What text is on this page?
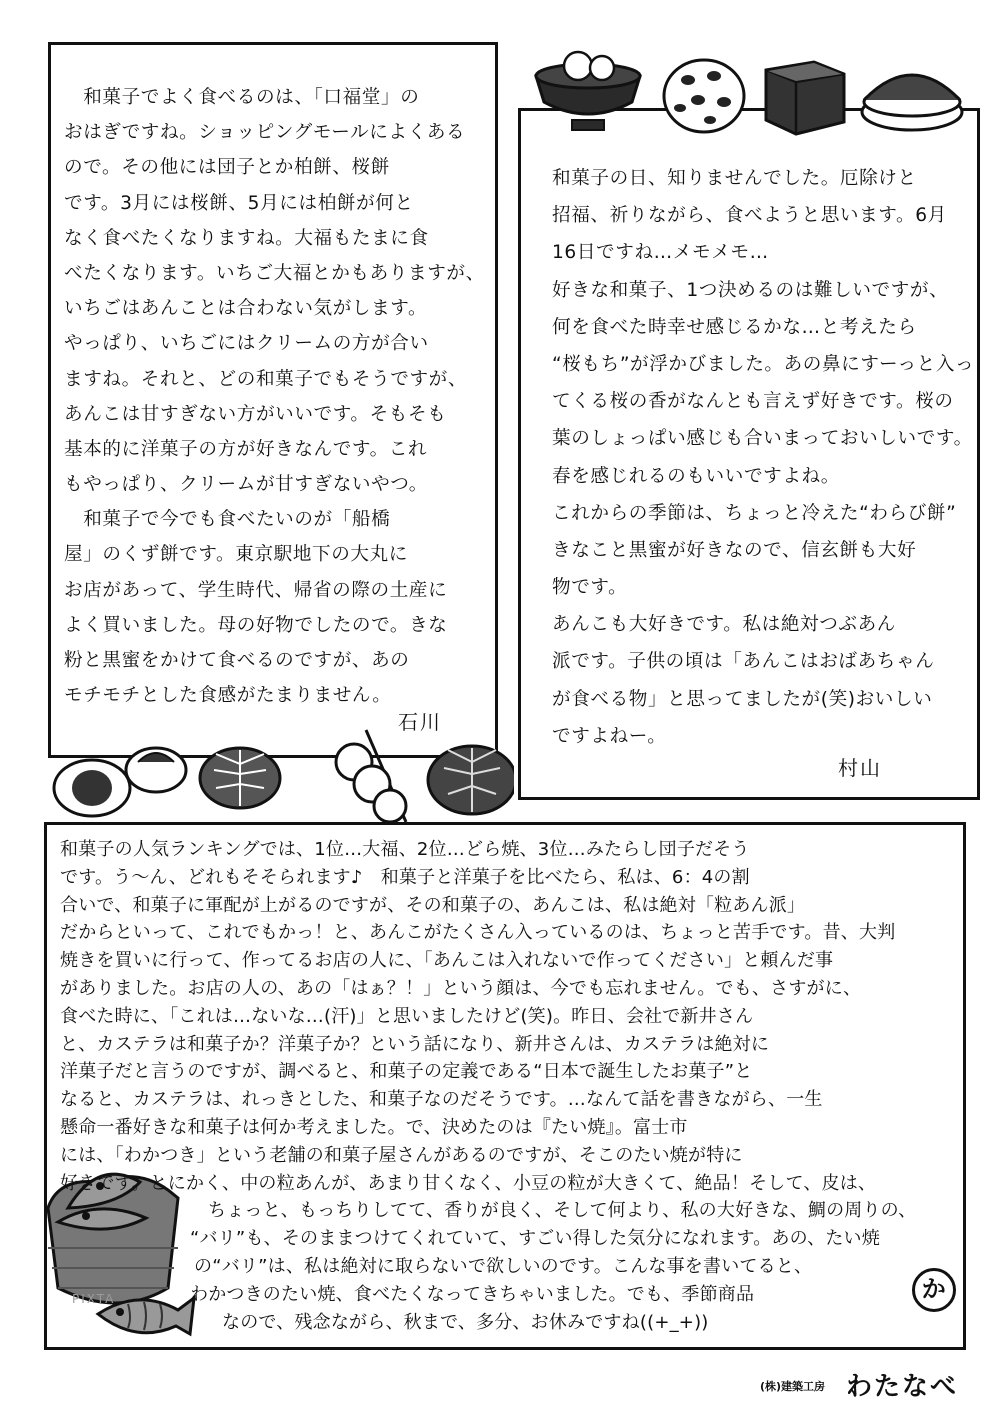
PIXTA
　和菓子でよく食べるのは、「口福堂」の
おはぎですね。ショッピングモールによくある
ので。その他には団子とか柏餅、桜餅
です。3月には桜餅、5月には柏餅が何と
なく食べたくなりますね。大福もたまに食
べたくなります。いちご大福とかもありますが、
いちごはあんことは合わない気がします。
やっぱり、いちごにはクリームの方が合い
ますね。それと、どの和菓子でもそうですが、
あんこは甘すぎない方がいいです。そもそも
基本的に洋菓子の方が好きなんです。これ
もやっぱり、クリームが甘すぎないやつ。
　和菓子で今でも食べたいのが「船橋
屋」のくず餅です。東京駅地下の大丸に
お店があって、学生時代、帰省の際の土産に
よく買いました。母の好物でしたので。きな
粉と黒蜜をかけて食べるのですが、あの
モチモチとした食感がたまりません。
石川
和菓子の日、知りませんでした。厄除けと
招福、祈りながら、食べようと思います。6月
16日ですね…メモメモ…
好きな和菓子、1つ決めるのは難しいですが、
何を食べた時幸せ感じるかな…と考えたら
“桜もち”が浮かびました。あの鼻にすーっと入っ
てくる桜の香がなんとも言えず好きです。桜の
葉のしょっぱい感じも合いまっておいしいです。
春を感じれるのもいいですよね。
これからの季節は、ちょっと冷えた“わらび餅”
きなこと黒蜜が好きなので、信玄餅も大好
物です。
あんこも大好きです。私は絶対つぶあん
派です。子供の頃は「あんこはおばあちゃん
が食べる物」と思ってましたが(笑)おいしい
ですよねー。
村山
和菓子の人気ランキングでは、1位…大福、2位…どら焼、3位…みたらし団子だそう
です。う～ん、どれもそそられます♪　和菓子と洋菓子を比べたら、私は、6：4の割
合いで、和菓子に軍配が上がるのですが、その和菓子の、あんこは、私は絶対「粒あん派」
だからといって、これでもかっ！と、あんこがたくさん入っているのは、ちょっと苦手です。昔、大判
焼きを買いに行って、作ってるお店の人に、「あんこは入れないで作ってください」と頼んだ事
がありました。お店の人の、あの「はぁ？！」という顔は、今でも忘れません。でも、さすがに、
食べた時に、「これは…ないな…(汗)」と思いましたけど(笑)。昨日、会社で新井さん
と、カステラは和菓子か？洋菓子か？という話になり、新井さんは、カステラは絶対に
洋菓子だと言うのですが、調べると、和菓子の定義である“日本で誕生したお菓子”と
なると、カステラは、れっきとした、和菓子なのだそうです。…なんて話を書きながら、一生
懸命一番好きな和菓子は何か考えました。で、決めたのは『たい焼』。富士市
には、「わかつき」という老舗の和菓子屋さんがあるのですが、そこのたい焼が特に
好きです。とにかく、中の粒あんが、あまり甘くなく、小豆の粒が大きくて、絶品！そして、皮は、
ちょっと、もっちりしてて、香りが良く、そして何より、私の大好きな、鯛の周りの、
“バリ”も、そのままつけてくれていて、すごい得した気分になれます。あの、たい焼
の“バリ”は、私は絶対に取らないで欲しいのです。こんな事を書いてると、
わかつきのたい焼、食べたくなってきちゃいました。でも、季節商品
なので、残念ながら、秋まで、多分、お休みですね((+_+))
か
(株)建築工房 わたなべ
